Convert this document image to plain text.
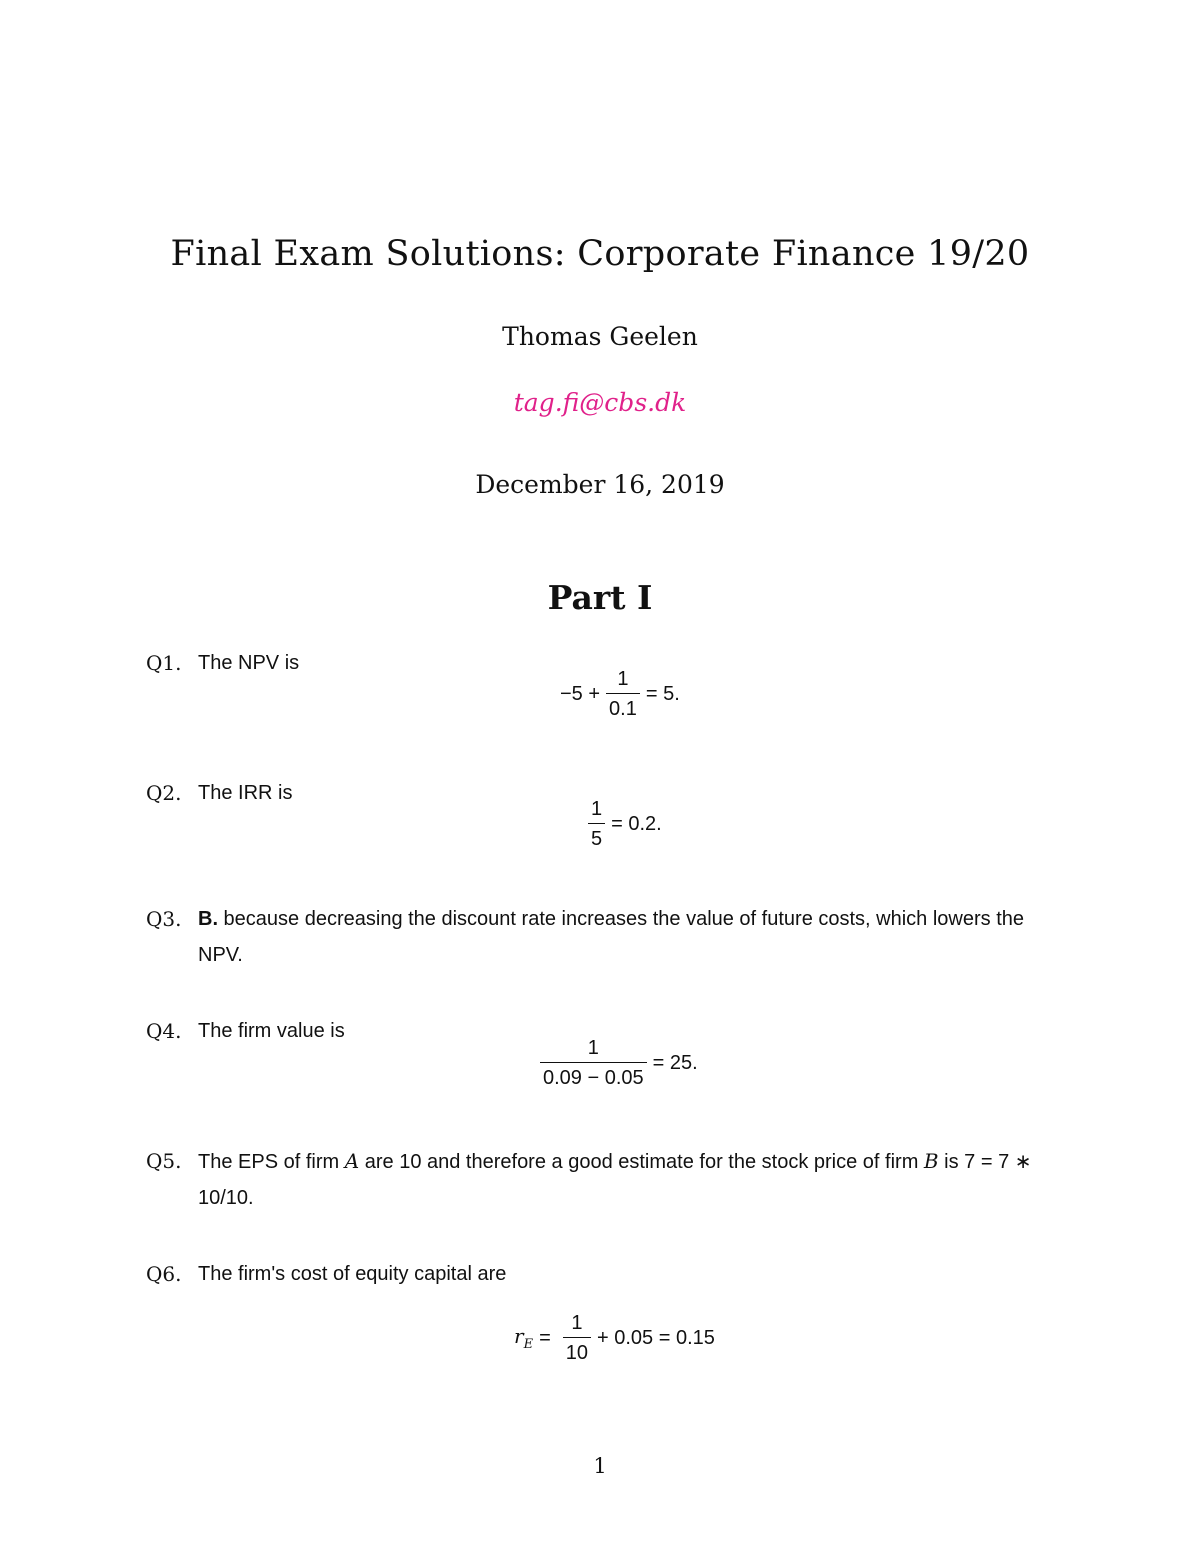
Final Exam Solutions: Corporate Finance 19/20
Thomas Geelen
tag.fi@cbs.dk
December 16, 2019
Part I
Q1. The NPV is
$-5 + \frac{1}{0.1} = 5$.
Q2. The IRR is
$\frac{1}{5} = 0.2$.
Q3. B. because decreasing the discount rate increases the value of future costs, which lowers the NPV.
Q4. The firm value is
$\frac{1}{0.09 - 0.05} = 25$.
Q5. The EPS of firm A are 10 and therefore a good estimate for the stock price of firm B is 7 = 7 ∗ 10/10.
Q6. The firm's cost of equity capital are
$r_E = \frac{1}{10} + 0.05 = 0.15$
1
